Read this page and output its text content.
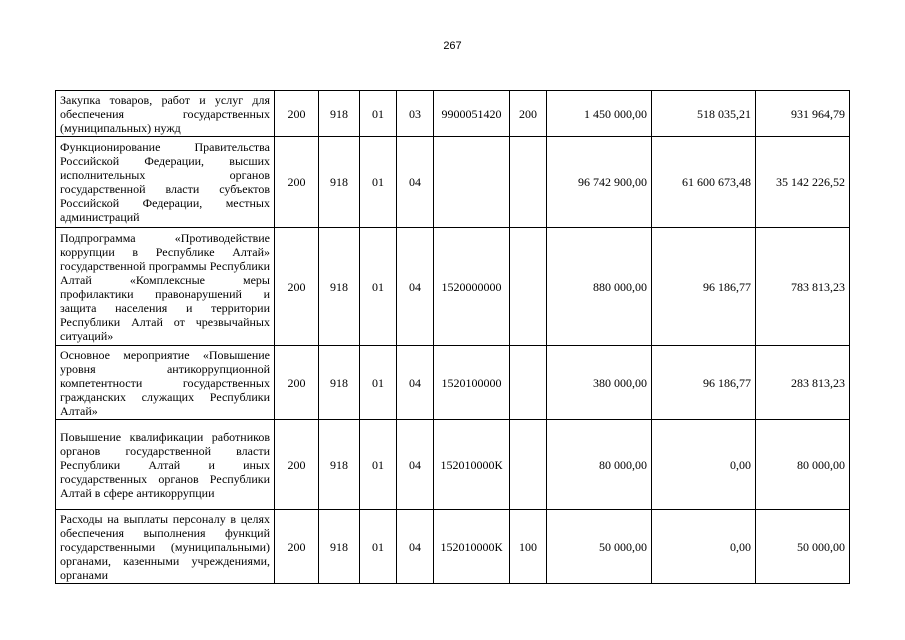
267
Закупка товаров, работ и услуг для обеспечения государственных (муниципальных) нужд	200	918	01	03	9900051420	200	1 450 000,00	518 035,21	931 964,79
Функционирование Правительства Российской Федерации, высших исполнительных органов государственной власти субъектов Российской Федерации, местных администраций	200	918	01	04			96 742 900,00	61 600 673,48	35 142 226,52
Подпрограмма «Противодействие коррупции в Республике Алтай» государственной программы Республики Алтай «Комплексные меры профилактики правонарушений и защита населения и территории Республики Алтай от чрезвычайных ситуаций»	200	918	01	04	1520000000		880 000,00	96 186,77	783 813,23
Основное мероприятие «Повышение уровня антикоррупционной компетентности государственных гражданских служащих Республики Алтай»	200	918	01	04	1520100000		380 000,00	96 186,77	283 813,23
Повышение квалификации работников органов государственной власти Республики Алтай и иных государственных органов Республики Алтай в сфере антикоррупции	200	918	01	04	152010000К		80 000,00	0,00	80 000,00
Расходы на выплаты персоналу в целях обеспечения выполнения функций государственными (муниципальными) органами, казенными учреждениями, органами	200	918	01	04	152010000К	100	50 000,00	0,00	50 000,00
